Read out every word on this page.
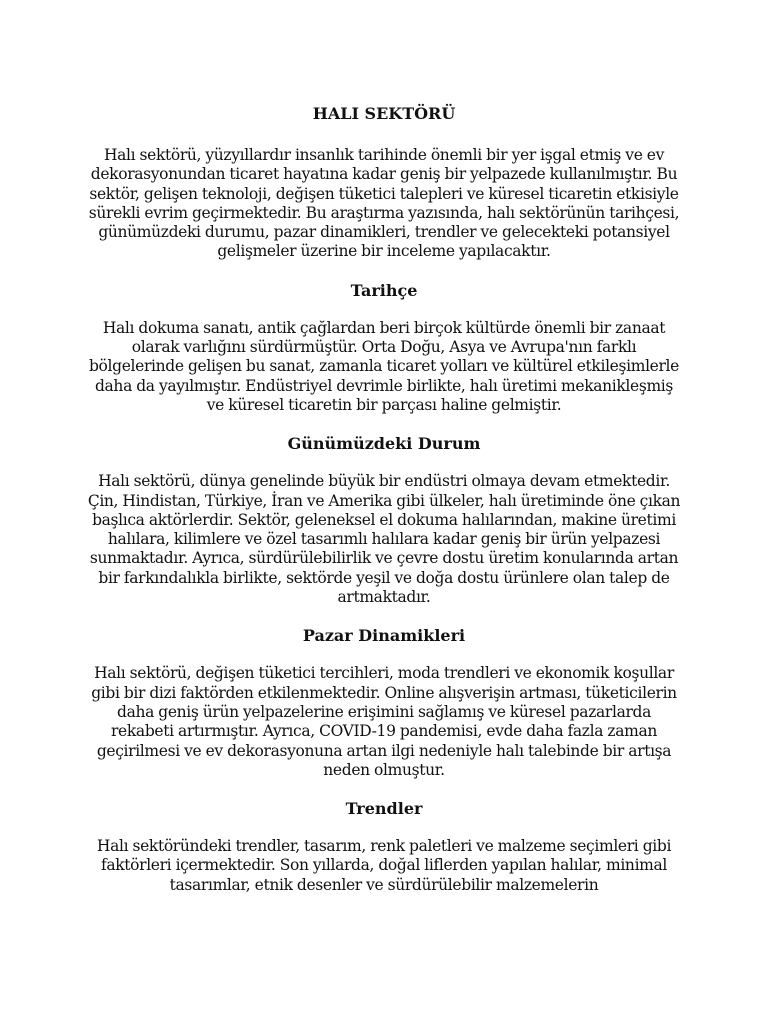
HALI SEKTÖRÜ

Halı sektörü, yüzyıllardır insanlık tarihinde önemli bir yer işgal etmiş ve ev dekorasyonundan ticaret hayatına kadar geniş bir yelpazede kullanılmıştır. Bu sektör, gelişen teknoloji, değişen tüketici talepleri ve küresel ticaretin etkisiyle sürekli evrim geçirmektedir. Bu araştırma yazısında, halı sektörünün tarihçesi, günümüzdeki durumu, pazar dinamikleri, trendler ve gelecekteki potansiyel gelişmeler üzerine bir inceleme yapılacaktır.

Tarihçe

Halı dokuma sanatı, antik çağlardan beri birçok kültürde önemli bir zanaat olarak varlığını sürdürmüştür. Orta Doğu, Asya ve Avrupa'nın farklı bölgelerinde gelişen bu sanat, zamanla ticaret yolları ve kültürel etkileşimlerle daha da yayılmıştır. Endüstriyel devrimle birlikte, halı üretimi mekanikleşmiş ve küresel ticaretin bir parçası haline gelmiştir.

Günümüzdeki Durum

Halı sektörü, dünya genelinde büyük bir endüstri olmaya devam etmektedir. Çin, Hindistan, Türkiye, İran ve Amerika gibi ülkeler, halı üretiminde öne çıkan başlıca aktörlerdir. Sektör, geleneksel el dokuma halılarından, makine üretimi halılara, kilimlere ve özel tasarımlı halılara kadar geniş bir ürün yelpazesi sunmaktadır. Ayrıca, sürdürülebilirlik ve çevre dostu üretim konularında artan bir farkındalıkla birlikte, sektörde yeşil ve doğa dostu ürünlere olan talep de artmaktadır.

Pazar Dinamikleri

Halı sektörü, değişen tüketici tercihleri, moda trendleri ve ekonomik koşullar gibi bir dizi faktörden etkilenmektedir. Online alışverişin artması, tüketicilerin daha geniş ürün yelpazelerine erişimini sağlamış ve küresel pazarlarda rekabeti artırmıştır. Ayrıca, COVID-19 pandemisi, evde daha fazla zaman geçirilmesi ve ev dekorasyonuna artan ilgi nedeniyle halı talebinde bir artışa neden olmuştur.

Trendler

Halı sektöründeki trendler, tasarım, renk paletleri ve malzeme seçimleri gibi faktörleri içermektedir. Son yıllarda, doğal liflerden yapılan halılar, minimal tasarımlar, etnik desenler ve sürdürülebilir malzemelerin
